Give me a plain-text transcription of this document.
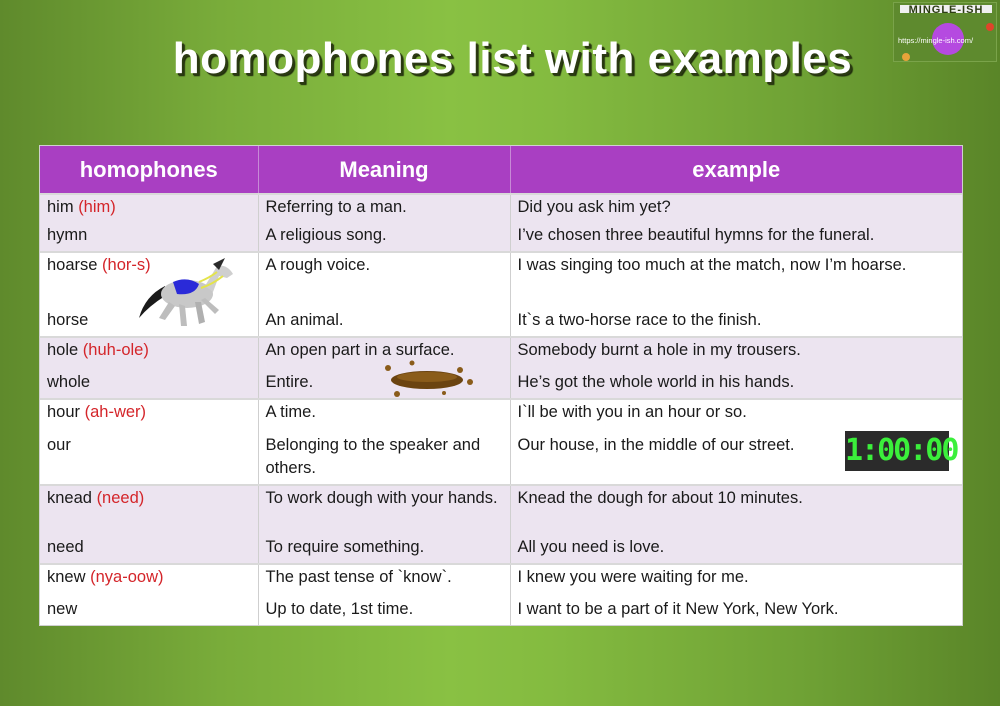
homophones list with examples
MINGLE-ISH
https://mingle-ish.com/
homophones	Meaning	example
him (him)	Referring to a man.	Did you ask him yet?
hymn	A religious song.	I’ve chosen three beautiful hymns for the funeral.
hoarse (hor-s)	A rough voice.	I was singing too much at the match, now I’m hoarse.
horse	An animal.	It`s a two-horse race to the finish.
hole (huh-ole)	An open part in a surface.	Somebody burnt a hole in my trousers.
whole	Entire.	He’s got the whole world in his hands.
hour (ah-wer)	A time.	I`ll be with you in an hour or so.
our	Belonging to the speaker and others.	Our house, in the middle of our street.
knead (need)	To work dough with your hands.	Knead the dough for about 10 minutes.
need	To require something.	All you need is love.
knew (nya-oow)	The past tense of `know`.	I knew you were waiting for me.
new	Up to date, 1st time.	I want to be a part of it New York, New York.
1:00:00
